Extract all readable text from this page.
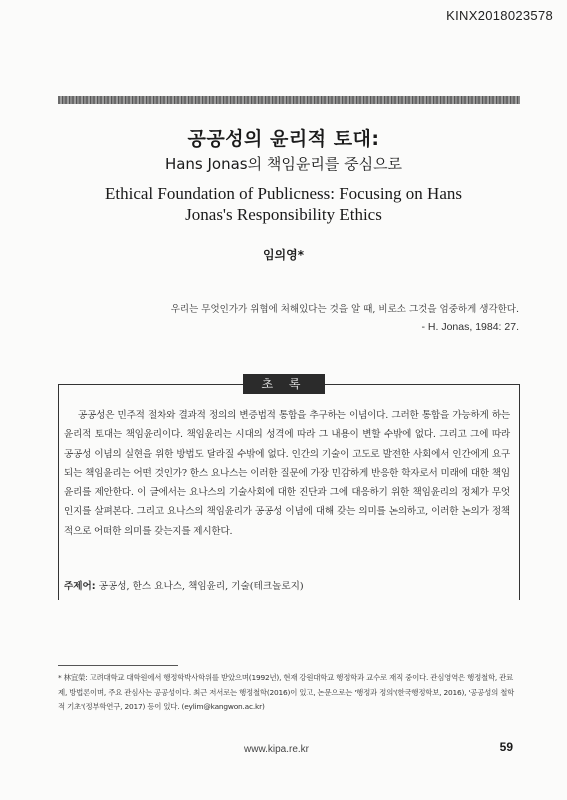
KINX2018023578
공공성의 윤리적 토대:
Hans Jonas의 책임윤리를 중심으로
Ethical Foundation of Publicness: Focusing on Hans Jonas's Responsibility Ethics
임의영*
우리는 무엇인가가 위협에 처해있다는 것을 알 때, 비로소 그것을 엄중하게 생각한다.
- H. Jonas, 1984: 27.
초 록
공공성은 민주적 절차와 결과적 정의의 변증법적 통합을 추구하는 이념이다. 그러한 통합을 가능하게 하는 윤리적 토대는 책임윤리이다. 책임윤리는 시대의 성격에 따라 그 내용이 변할 수밖에 없다. 그리고 그에 따라 공공성 이념의 실현을 위한 방법도 달라질 수밖에 없다. 인간의 기술이 고도로 발전한 사회에서 인간에게 요구되는 책임윤리는 어떤 것인가? 한스 요나스는 이러한 질문에 가장 민감하게 반응한 학자로서 미래에 대한 책임윤리를 제안한다. 이 글에서는 요나스의 기술사회에 대한 진단과 그에 대응하기 위한 책임윤리의 정체가 무엇인지를 살펴본다. 그리고 요나스의 책임윤리가 공공성 이념에 대해 갖는 의미를 논의하고, 이러한 논의가 정책적으로 어떠한 의미를 갖는지를 제시한다.
주제어: 공공성, 한스 요나스, 책임윤리, 기술(테크놀로지)
* 林宜榮: 고려대학교 대학원에서 행정학박사학위를 받았으며(1992년), 현재 강원대학교 행정학과 교수로 재직 중이다. 관심영역은 행정철학, 관료제, 방법론이며, 주요 관심사는 공공성이다. 최근 저서로는 행정철학(2016)이 있고, 논문으로는 '행정과 정의'(한국행정학보, 2016), '공공성의 철학적 기초'(정부학연구, 2017) 등이 있다. (eylim@kangwon.ac.kr)
www.kipa.re.kr	59
